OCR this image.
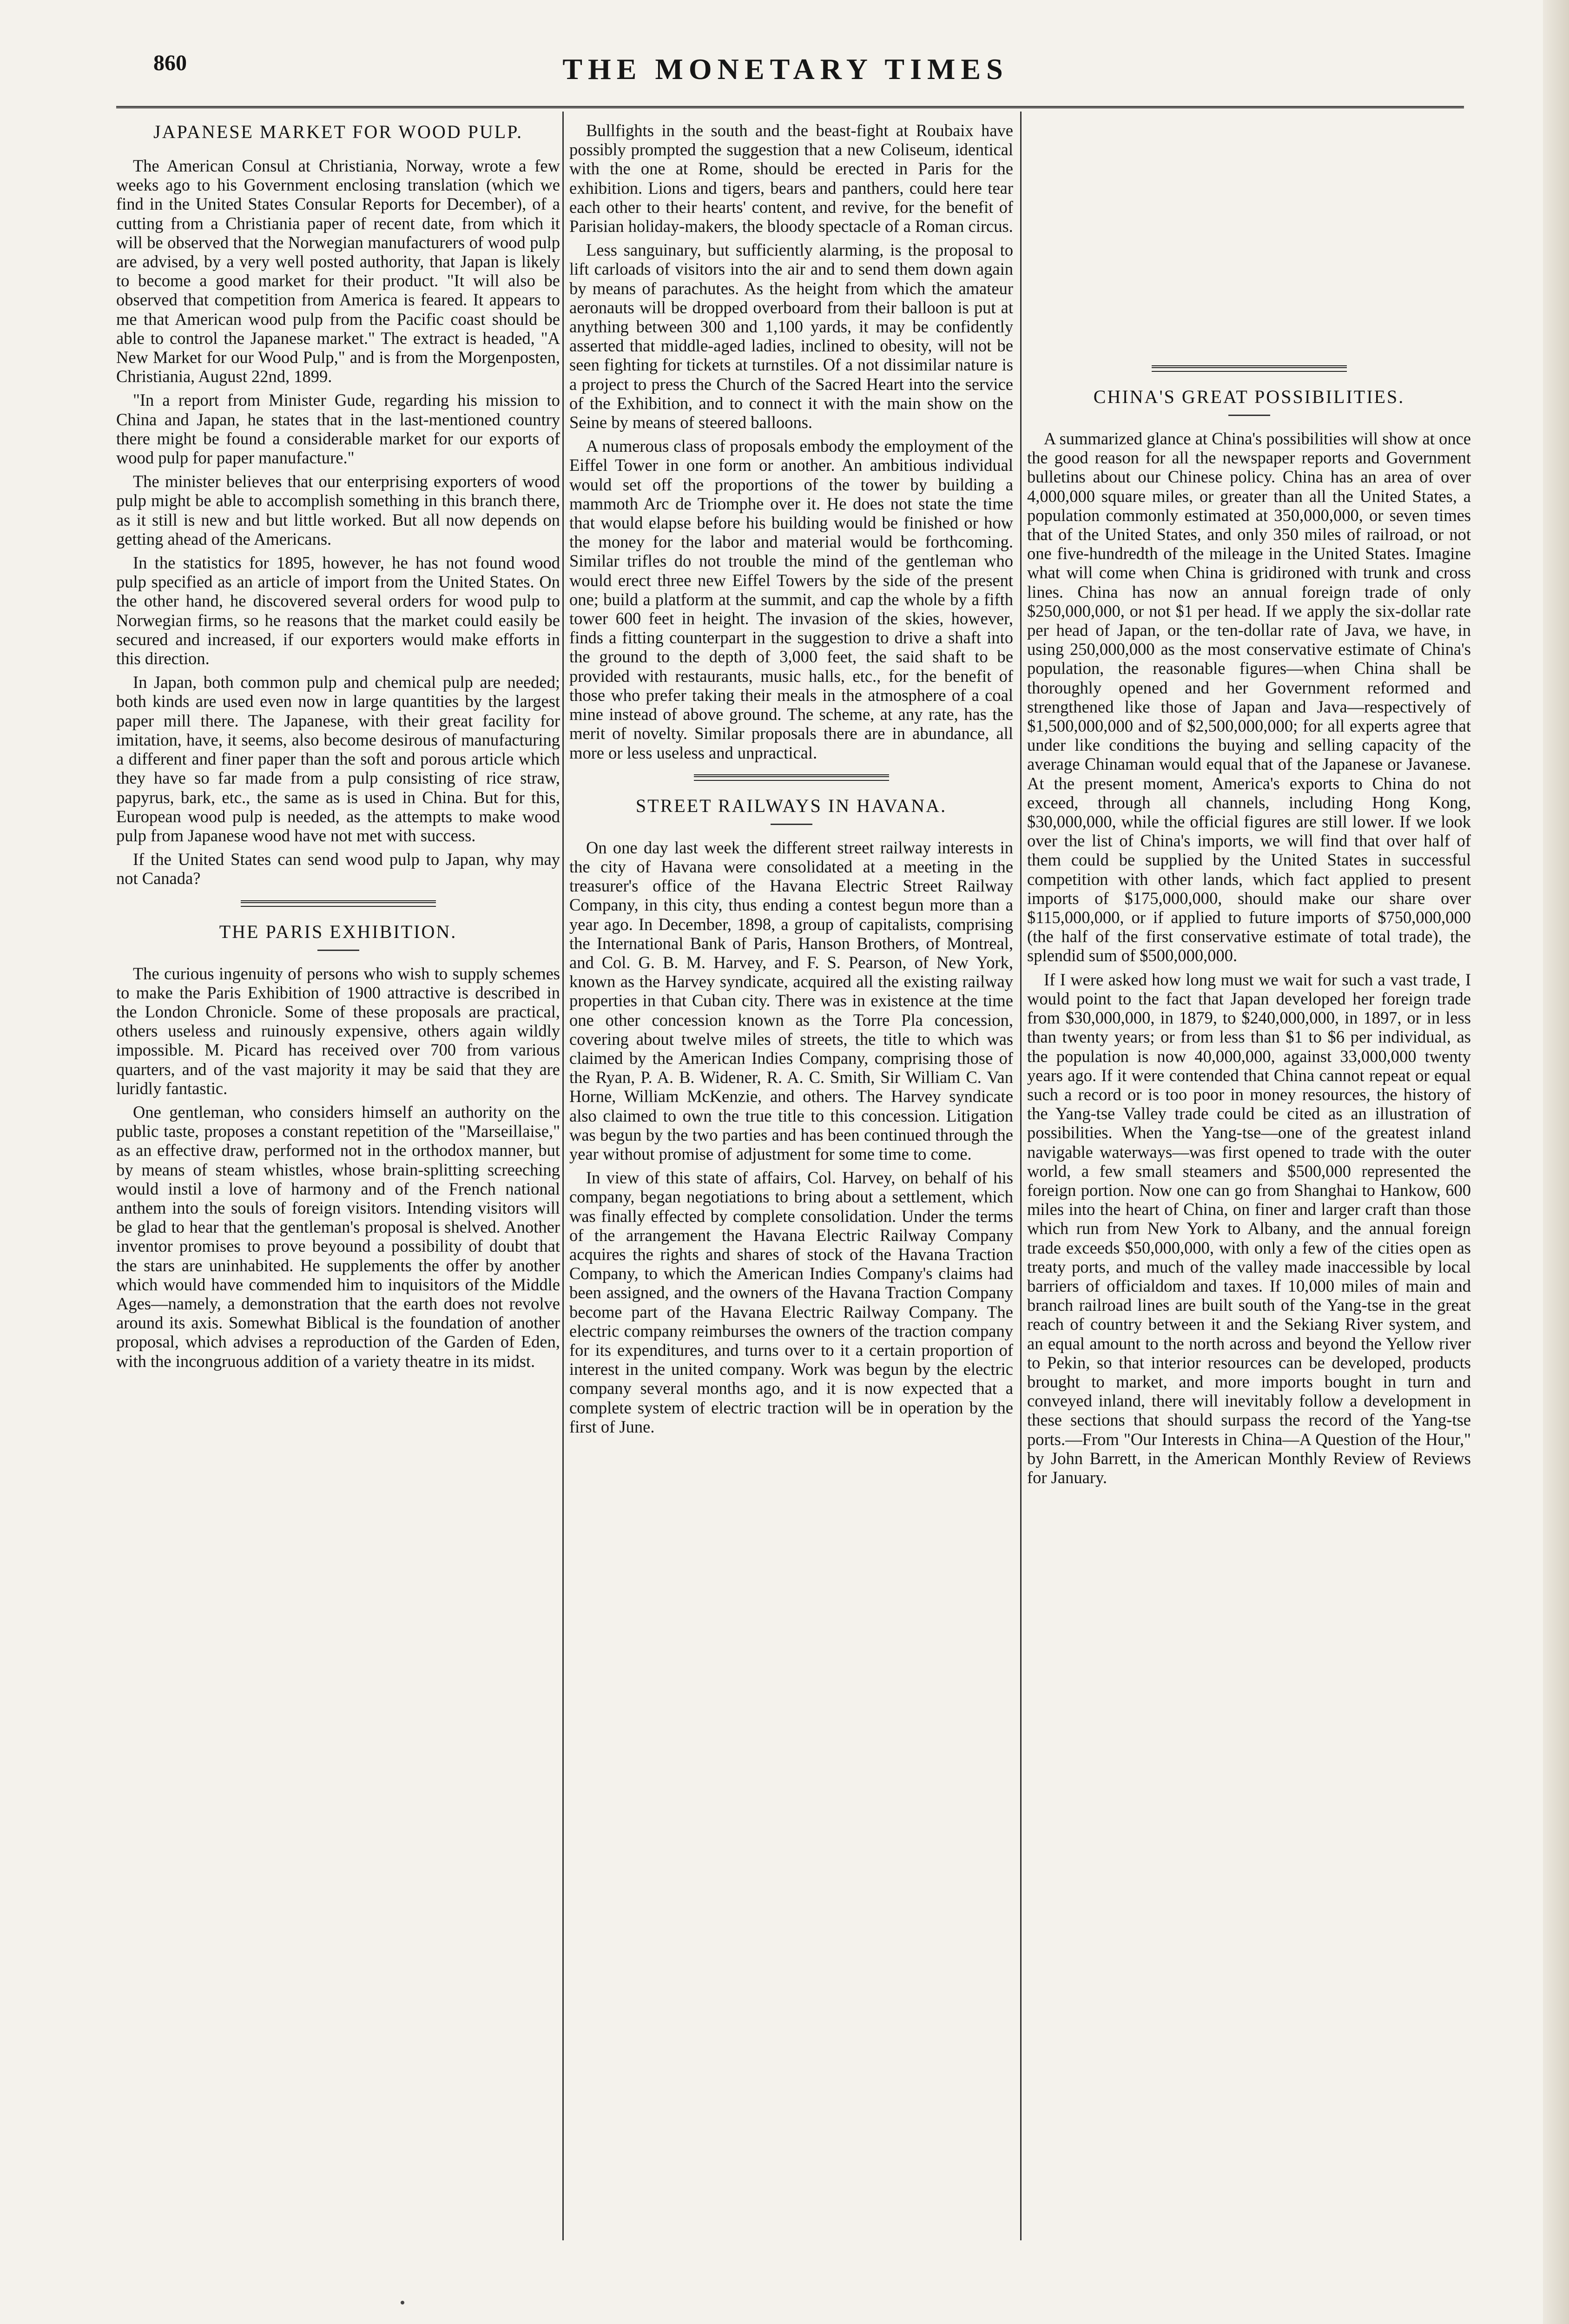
860	THE MONETARY TIMES
JAPANESE MARKET FOR WOOD PULP.

The American Consul at Christiania, Norway, wrote a few weeks ago to his Government enclosing translation (which we find in the United States Consular Reports for December), of a cutting from a Christiania paper of recent date, from which it will be observed that the Norwegian manufacturers of wood pulp are advised, by a very well posted authority, that Japan is likely to become a good market for their product. "It will also be observed that competition from America is feared. It appears to me that American wood pulp from the Pacific coast should be able to control the Japanese market." The extract is headed, "A New Market for our Wood Pulp," and is from the Morgenposten, Christiania, August 22nd, 1899.

"In a report from Minister Gude, regarding his mission to China and Japan, he states that in the last-mentioned country there might be found a considerable market for our exports of wood pulp for paper manufacture."

The minister believes that our enterprising exporters of wood pulp might be able to accomplish something in this branch there, as it still is new and but little worked. But all now depends on getting ahead of the Americans.

In the statistics for 1895, however, he has not found wood pulp specified as an article of import from the United States. On the other hand, he discovered several orders for wood pulp to Norwegian firms, so he reasons that the market could easily be secured and increased, if our exporters would make efforts in this direction.

In Japan, both common pulp and chemical pulp are needed; both kinds are used even now in large quantities by the largest paper mill there. The Japanese, with their great facility for imitation, have, it seems, also become desirous of manufacturing a different and finer paper than the soft and porous article which they have so far made from a pulp consisting of rice straw, papyrus, bark, etc., the same as is used in China. But for this, European wood pulp is needed, as the attempts to make wood pulp from Japanese wood have not met with success.

If the United States can send wood pulp to Japan, why may not Canada?

THE PARIS EXHIBITION.

The curious ingenuity of persons who wish to supply schemes to make the Paris Exhibition of 1900 attractive is described in the London Chronicle. Some of these proposals are practical, others useless and ruinously expensive, others again wildly impossible. M. Picard has received over 700 from various quarters, and of the vast majority it may be said that they are luridly fantastic.

One gentleman, who considers himself an authority on the public taste, proposes a constant repetition of the "Marseillaise," as an effective draw, performed not in the orthodox manner, but by means of steam whistles, whose brain-splitting screeching would instil a love of harmony and of the French national anthem into the souls of foreign visitors. Intending visitors will be glad to hear that the gentleman's proposal is shelved. Another inventor promises to prove beyound a possibility of doubt that the stars are uninhabited. He supplements the offer by another which would have commended him to inquisitors of the Middle Ages—namely, a demonstration that the earth does not revolve around its axis. Somewhat Biblical is the foundation of another proposal, which advises a reproduction of the Garden of Eden, with the incongruous addition of a variety theatre in its midst.

Bullfights in the south and the beast-fight at Roubaix have possibly prompted the suggestion that a new Coliseum, identical with the one at Rome, should be erected in Paris for the exhibition. Lions and tigers, bears and panthers, could here tear each other to their hearts' content, and revive, for the benefit of Parisian holiday-makers, the bloody spectacle of a Roman circus.

Less sanguinary, but sufficiently alarming, is the proposal to lift carloads of visitors into the air and to send them down again by means of parachutes. As the height from which the amateur aeronauts will be dropped overboard from their balloon is put at anything between 300 and 1,100 yards, it may be confidently asserted that middle-aged ladies, inclined to obesity, will not be seen fighting for tickets at turnstiles. Of a not dissimilar nature is a project to press the Church of the Sacred Heart into the service of the Exhibition, and to connect it with the main show on the Seine by means of steered balloons.

A numerous class of proposals embody the employment of the Eiffel Tower in one form or another. An ambitious individual would set off the proportions of the tower by building a mammoth Arc de Triomphe over it. He does not state the time that would elapse before his building would be finished or how the money for the labor and material would be forthcoming. Similar trifles do not trouble the mind of the gentleman who would erect three new Eiffel Towers by the side of the present one; build a platform at the summit, and cap the whole by a fifth tower 600 feet in height. The invasion of the skies, however, finds a fitting counterpart in the suggestion to drive a shaft into the ground to the depth of 3,000 feet, the said shaft to be provided with restaurants, music halls, etc., for the benefit of those who prefer taking their meals in the atmosphere of a coal mine instead of above ground. The scheme, at any rate, has the merit of novelty. Similar proposals there are in abundance, all more or less useless and unpractical.

STREET RAILWAYS IN HAVANA.

On one day last week the different street railway interests in the city of Havana were consolidated at a meeting in the treasurer's office of the Havana Electric Street Railway Company, in this city, thus ending a contest begun more than a year ago. In December, 1898, a group of capitalists, comprising the International Bank of Paris, Hanson Brothers, of Montreal, and Col. G. B. M. Harvey, and F. S. Pearson, of New York, known as the Harvey syndicate, acquired all the existing railway properties in that Cuban city. There was in existence at the time one other concession known as the Torre Pla concession, covering about twelve miles of streets, the title to which was claimed by the American Indies Company, comprising those of the Ryan, P. A. B. Widener, R. A. C. Smith, Sir William C. Van Horne, William McKenzie, and others. The Harvey syndicate also claimed to own the true title to this concession. Litigation was begun by the two parties and has been continued through the year without promise of adjustment for some time to come.

In view of this state of affairs, Col. Harvey, on behalf of his company, began negotiations to bring about a settlement, which was finally effected by complete consolidation. Under the terms of the arrangement the Havana Electric Railway Company acquires the rights and shares of stock of the Havana Traction Company, to which the American Indies Company's claims had been assigned, and the owners of the Havana Traction Company become part of the Havana Electric Railway Company. The electric company reimburses the owners of the traction company for its expenditures, and turns over to it a certain proportion of interest in the united company. Work was begun by the electric company several months ago, and it is now expected that a complete system of electric traction will be in operation by the first of June.

CHINA'S GREAT POSSIBILITIES.

A summarized glance at China's possibilities will show at once the good reason for all the newspaper reports and Government bulletins about our Chinese policy. China has an area of over 4,000,000 square miles, or greater than all the United States, a population commonly estimated at 350,000,000, or seven times that of the United States, and only 350 miles of railroad, or not one five-hundredth of the mileage in the United States. Imagine what will come when China is gridironed with trunk and cross lines. China has now an annual foreign trade of only $250,000,000, or not $1 per head. If we apply the six-dollar rate per head of Japan, or the ten-dollar rate of Java, we have, in using 250,000,000 as the most conservative estimate of China's population, the reasonable figures—when China shall be thoroughly opened and her Government reformed and strengthened like those of Japan and Java—respectively of $1,500,000,000 and of $2,500,000,000; for all experts agree that under like conditions the buying and selling capacity of the average Chinaman would equal that of the Japanese or Javanese. At the present moment, America's exports to China do not exceed, through all channels, including Hong Kong, $30,000,000, while the official figures are still lower. If we look over the list of China's imports, we will find that over half of them could be supplied by the United States in successful competition with other lands, which fact applied to present imports of $175,000,000, should make our share over $115,000,000, or if applied to future imports of $750,000,000 (the half of the first conservative estimate of total trade), the splendid sum of $500,000,000.

If I were asked how long must we wait for such a vast trade, I would point to the fact that Japan developed her foreign trade from $30,000,000, in 1879, to $240,000,000, in 1897, or in less than twenty years; or from less than $1 to $6 per individual, as the population is now 40,000,000, against 33,000,000 twenty years ago. If it were contended that China cannot repeat or equal such a record or is too poor in money resources, the history of the Yang-tse Valley trade could be cited as an illustration of possibilities. When the Yang-tse—one of the greatest inland navigable waterways—was first opened to trade with the outer world, a few small steamers and $500,000 represented the foreign portion. Now one can go from Shanghai to Hankow, 600 miles into the heart of China, on finer and larger craft than those which run from New York to Albany, and the annual foreign trade exceeds $50,000,000, with only a few of the cities open as treaty ports, and much of the valley made inaccessible by local barriers of officialdom and taxes. If 10,000 miles of main and branch railroad lines are built south of the Yang-tse in the great reach of country between it and the Sekiang River system, and an equal amount to the north across and beyond the Yellow river to Pekin, so that interior resources can be developed, products brought to market, and more imports bought in turn and conveyed inland, there will inevitably follow a development in these sections that should surpass the record of the Yang-tse ports.—From "Our Interests in China—A Question of the Hour," by John Barrett, in the American Monthly Review of Reviews for January.
